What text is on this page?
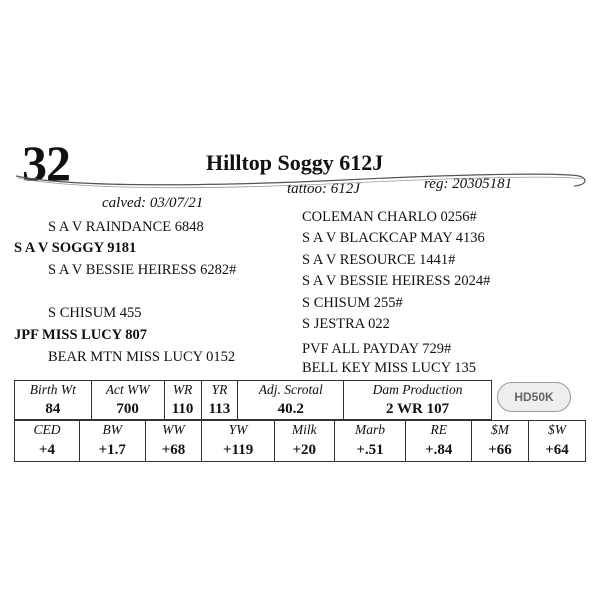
32	Hilltop Soggy 612J
calved: 03/07/21
tattoo: 612J	reg: 20305181
S A V RAINDANCE 6848
S A V SOGGY 9181
S A V BESSIE HEIRESS 6282#
S CHISUM 455
JPF MISS LUCY 807
BEAR MTN MISS LUCY 0152
COLEMAN CHARLO 0256#
S A V BLACKCAP MAY 4136
S A V RESOURCE 1441#
S A V BESSIE HEIRESS 2024#
S CHISUM 255#
S JESTRA 022
PVF ALL PAYDAY 729#
BELL KEY MISS LUCY 135
Birth Wt	Act WW	WR	YR	Adj. Scrotal	Dam Production
84	700	110	113	40.2	2 WR 107
HD50K
CED	BW	WW	YW	Milk	Marb	RE	$M	$W
+4	+1.7	+68	+119	+20	+.51	+.84	+66	+64
